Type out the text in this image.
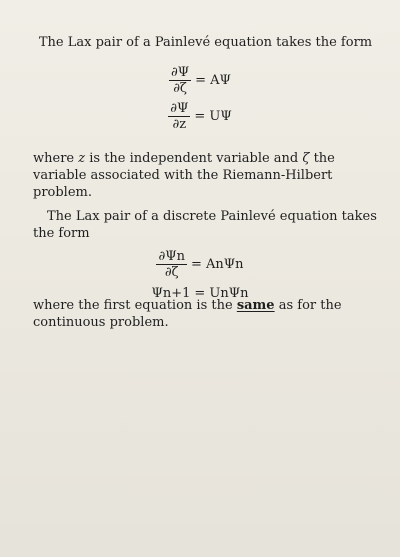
The Lax pair of a Painlevé equation takes the form

$\frac{\partial\Psi}{\partial\zeta} = A\Psi$
$\frac{\partial\Psi}{\partial z} = U\Psi$

where z is the independent variable and ζ the variable associated with the Riemann-Hilbert problem.

The Lax pair of a discrete Painlevé equation takes the form

$\frac{\partial\Psi n}{\partial\zeta} = An\Psi n$
Ψn+1 = UnΨn

where the first equation is the same as for the continuous problem.
